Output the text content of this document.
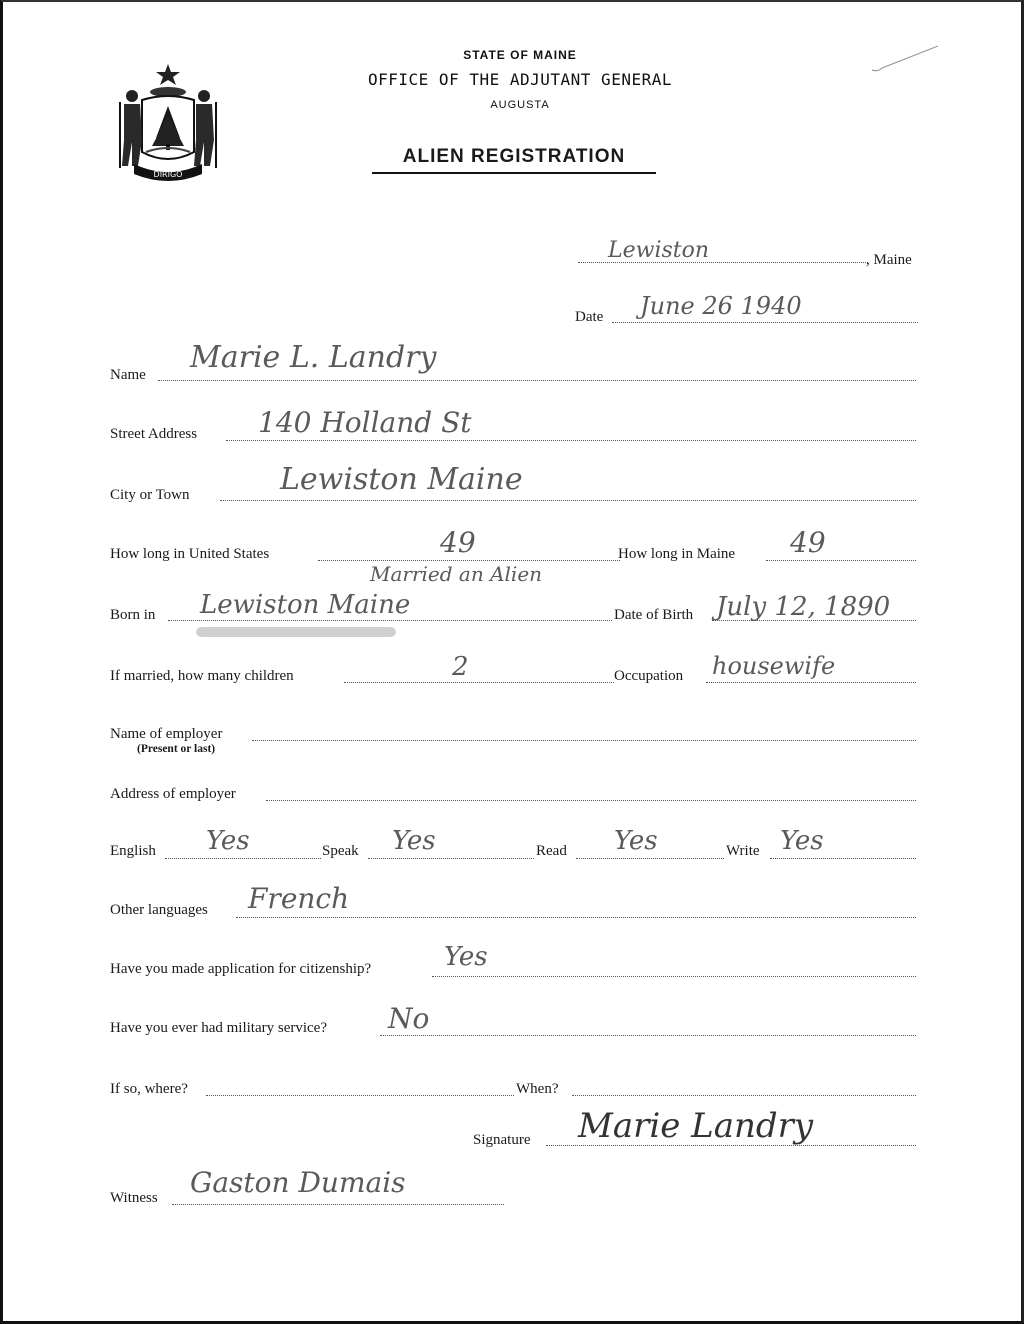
DIRIGO
STATE OF MAINE
OFFICE OF THE ADJUTANT GENERAL
AUGUSTA
ALIEN REGISTRATION
Lewiston	, Maine
Date June 26 1940
Name Marie L. Landry
Street Address 140 Holland St
City or Town	Lewiston Maine
How long in United States	49	How long in Maine 49
Married an Alien
Born in Lewiston Maine	Date of Birth July 12, 1890
If married, how many children	2	Occupation housewife
Name of employer
(Present or last)
Address of employer
English Yes	Speak Yes	Read Yes	Write Yes
Other languages French
Have you made application for citizenship?	Yes
Have you ever had military service? No
If so, where?	When?
Signature Marie Landry
Witness Gaston Dumais
